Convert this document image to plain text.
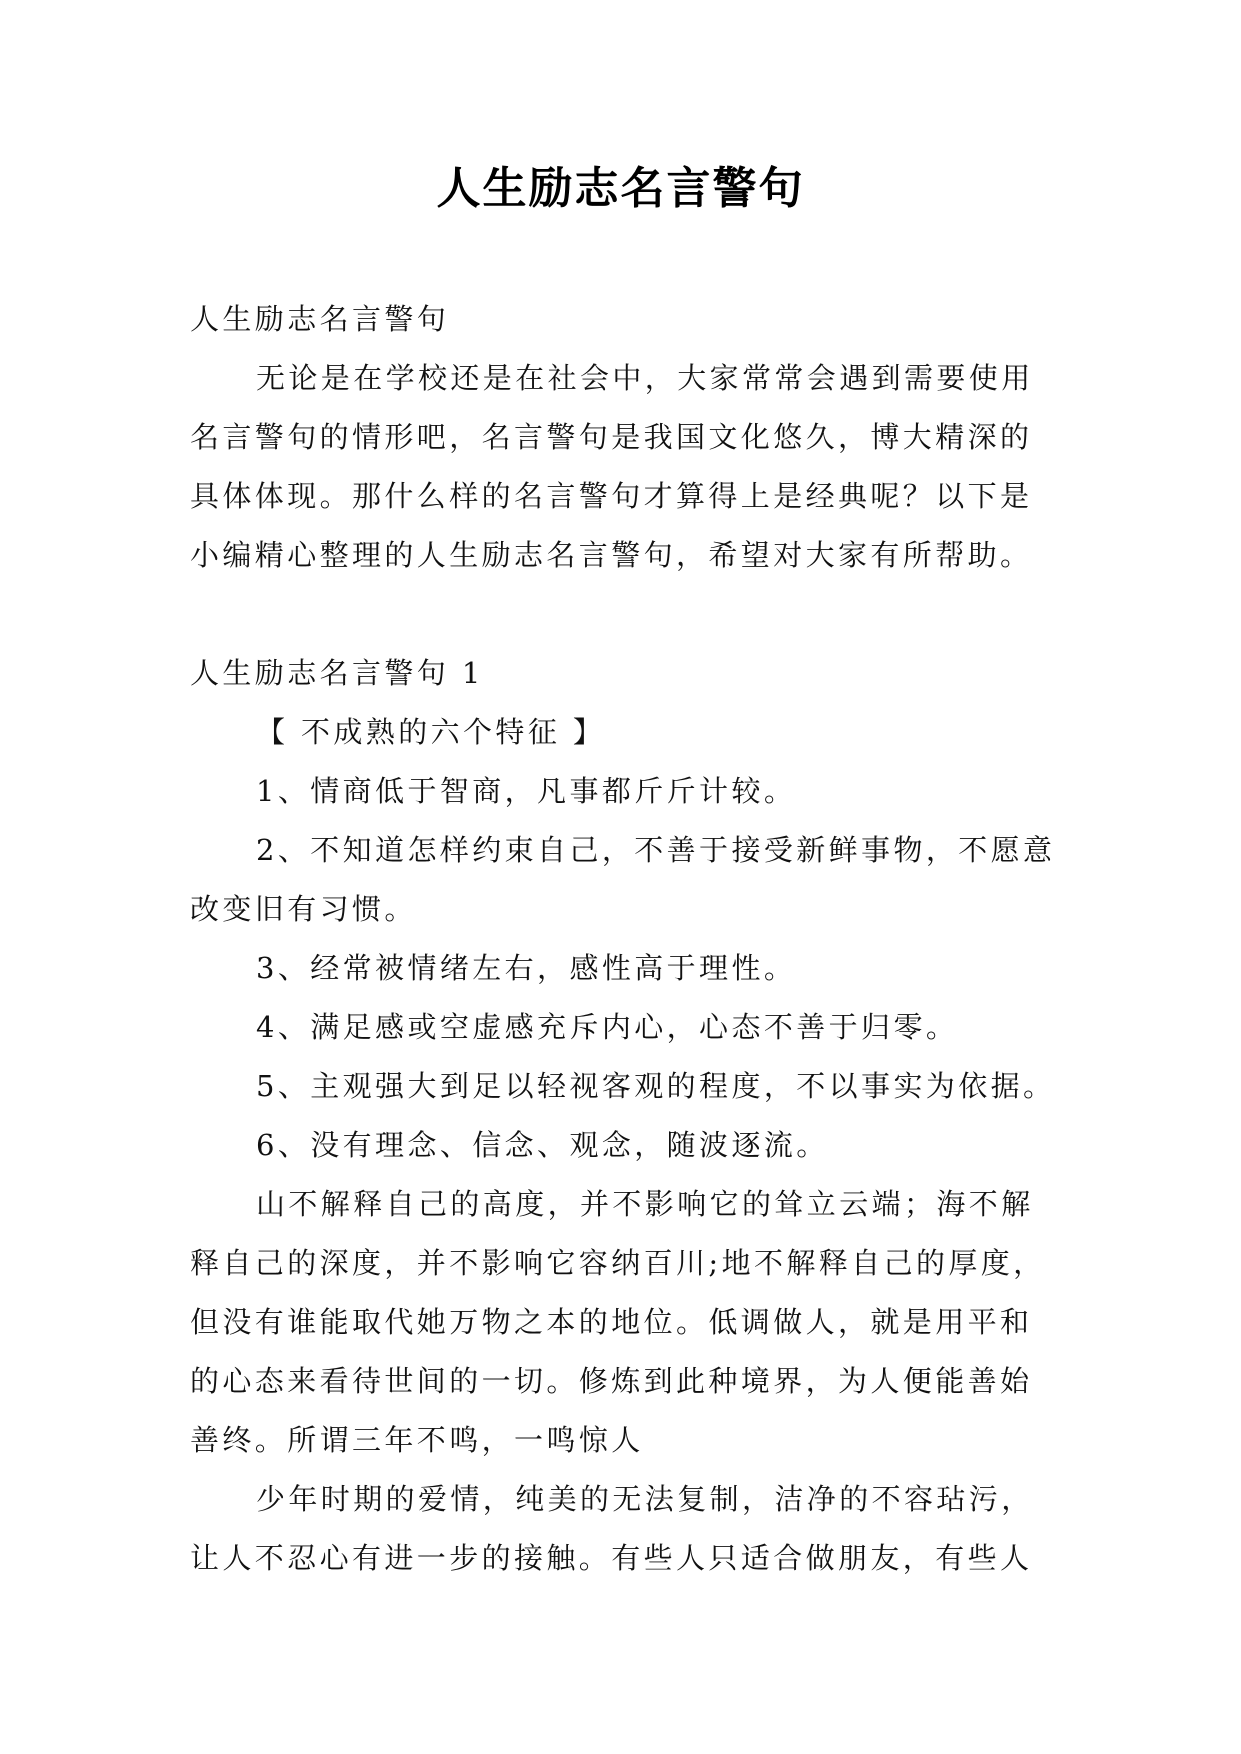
人生励志名言警句

人生励志名言警句

无论是在学校还是在社会中，大家常常会遇到需要使用名言警句的情形吧，名言警句是我国文化悠久，博大精深的具体体现。那什么样的名言警句才算得上是经典呢？以下是小编精心整理的人生励志名言警句，希望对大家有所帮助。

人生励志名言警句 1

【 不成熟的六个特征 】

1、情商低于智商，凡事都斤斤计较。

2、不知道怎样约束自己，不善于接受新鲜事物，不愿意改变旧有习惯。

3、经常被情绪左右，感性高于理性。

4、满足感或空虚感充斥内心，心态不善于归零。

5、主观强大到足以轻视客观的程度，不以事实为依据。

6、没有理念、信念、观念，随波逐流。

山不解释自己的高度，并不影响它的耸立云端；海不解释自己的深度，并不影响它容纳百川;地不解释自己的厚度，但没有谁能取代她万物之本的地位。低调做人，就是用平和的心态来看待世间的一切。修炼到此种境界，为人便能善始善终。所谓三年不鸣，一鸣惊人

少年时期的爱情，纯美的无法复制，洁净的不容玷污，让人不忍心有进一步的接触。有些人只适合做朋友，有些人
